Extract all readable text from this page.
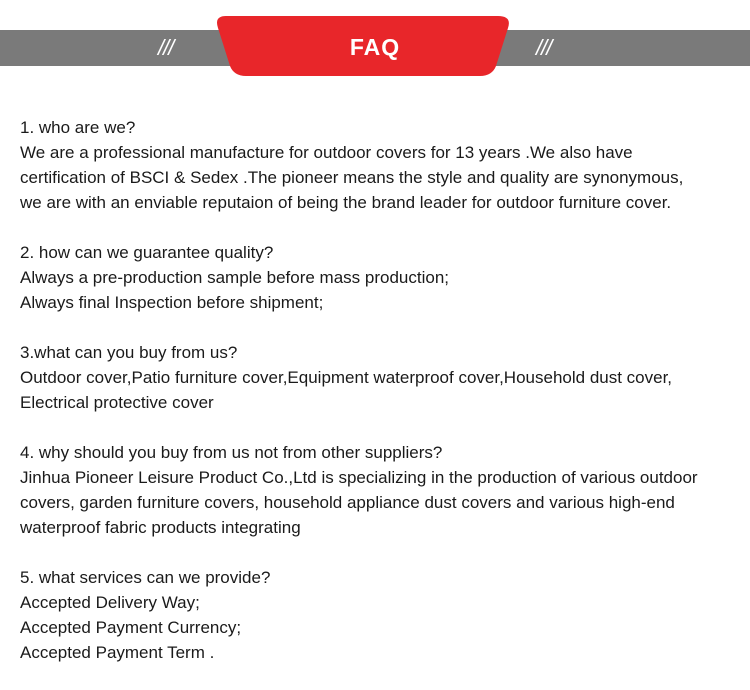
///	///
FAQ

1. who are we?

We are a professional manufacture for outdoor covers for 13 years .We also have

certification of BSCI & Sedex .The pioneer means the style and quality are synonymous,

we are with an enviable reputaion of being the brand leader for outdoor furniture cover.

2. how can we guarantee quality?

Always a pre-production sample before mass production;

Always final Inspection before shipment;

3.what can you buy from us?

Outdoor cover,Patio furniture cover,Equipment waterproof cover,Household dust cover,

Electrical protective cover

4. why should you buy from us not from other suppliers?

Jinhua Pioneer Leisure Product Co.,Ltd is specializing in the production of various outdoor

covers, garden furniture covers, household appliance dust covers and various high-end

waterproof fabric products integrating

5. what services can we provide?

Accepted Delivery Way;

Accepted Payment Currency;

Accepted Payment Term .
